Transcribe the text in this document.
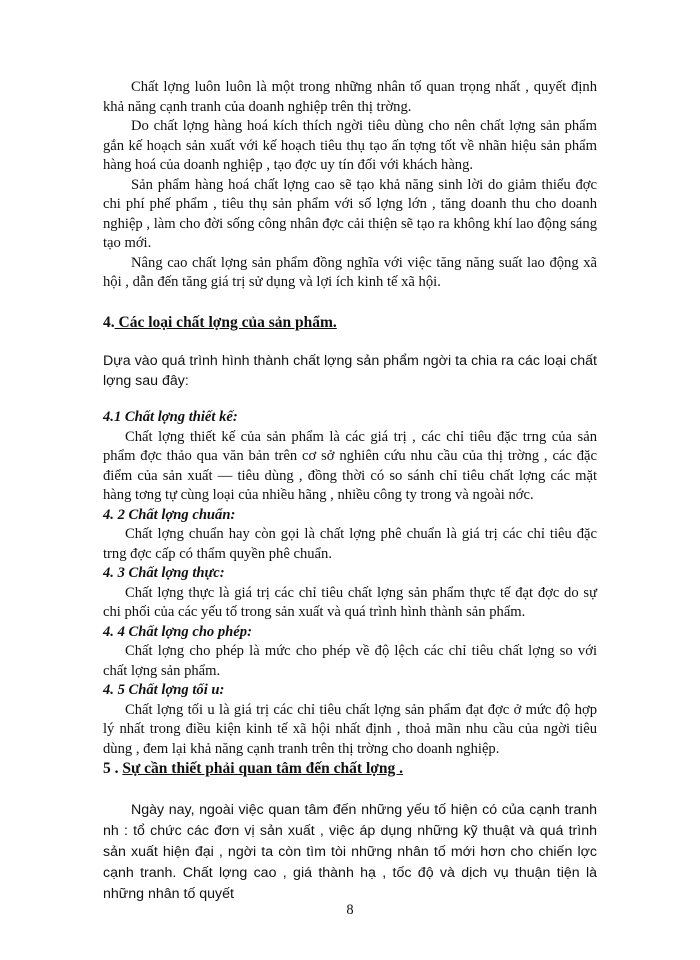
Chất lợng luôn luôn là một trong những nhân tố quan trọng nhất , quyết định khả năng cạnh tranh của doanh nghiệp trên thị trờng.

Do chất lợng hàng hoá kích thích ngời tiêu dùng cho nên chất lợng sản phẩm gắn kế hoạch sản xuất với kế hoạch tiêu thụ tạo ấn tợng tốt về nhãn hiệu sản phẩm hàng hoá của doanh nghiệp , tạo đợc uy tín đối với khách hàng.

Sản phẩm hàng hoá chất lợng cao sẽ tạo khả năng sinh lời do giảm thiểu đợc chi phí phế phẩm , tiêu thụ sản phẩm với số lợng lớn , tăng doanh thu cho doanh nghiệp , làm cho đời sống công nhân đợc cải thiện sẽ tạo ra không khí lao động sáng tạo mới.

Nâng cao chất lợng sản phẩm đồng nghĩa với việc tăng năng suất lao động xã hội , dẫn đến tăng giá trị sử dụng và lợi ích kinh tế xã hội.

4. Các loại chất lợng của sản phẩm.

Dựa vào quá trình hình thành chất lợng sản phẩm ngời ta chia ra các loại chất lợng sau đây:

4.1 Chất lợng thiết kế:

Chất lợng thiết kế của sản phẩm là các giá trị , các chỉ tiêu đặc trng của sản phẩm đợc thảo qua văn bản trên cơ sở nghiên cứu nhu cầu của thị trờng , các đặc điểm của sản xuất — tiêu dùng , đồng thời có so sánh chỉ tiêu chất lợng các mặt hàng tơng tự cùng loại của nhiều hãng , nhiều công ty trong và ngoài nớc.

4. 2 Chất lợng chuẩn:

Chất lợng chuẩn hay còn gọi là chất lợng phê chuẩn là giá trị các chỉ tiêu đặc trng đợc cấp có thẩm quyền phê chuẩn.

4. 3 Chất lợng thực:

Chất lợng thực là giá trị các chỉ tiêu chất lợng sản phẩm thực tế đạt đợc do sự chi phối của các yếu tố trong sản xuất và quá trình hình thành sản phẩm.

4. 4 Chất lợng cho phép:

Chất lợng cho phép là mức cho phép về độ lệch các chỉ tiêu chất lợng so với chất lợng sản phẩm.

4. 5 Chất lợng tối u:

Chất lợng tối u là giá trị các chỉ tiêu chất lợng sản phẩm đạt đợc ở mức độ hợp lý nhất trong điều kiện kinh tế xã hội nhất định , thoả mãn nhu cầu của ngời tiêu dùng , đem lại khả năng cạnh tranh trên thị trờng cho doanh nghiệp.

5 . Sự cần thiết phải quan tâm đến chất lợng .

Ngày nay, ngoài việc quan tâm đến những yếu tố hiện có của cạnh tranh nh : tổ chức các đơn vị sản xuất , việc áp dụng những kỹ thuật và quá trình sản xuất hiện đại , ngời ta còn tìm tòi những nhân tố mới hơn cho chiến lợc cạnh tranh. Chất lợng cao , giá thành hạ , tốc độ và dịch vụ thuận tiện là những nhân tố quyết

8
